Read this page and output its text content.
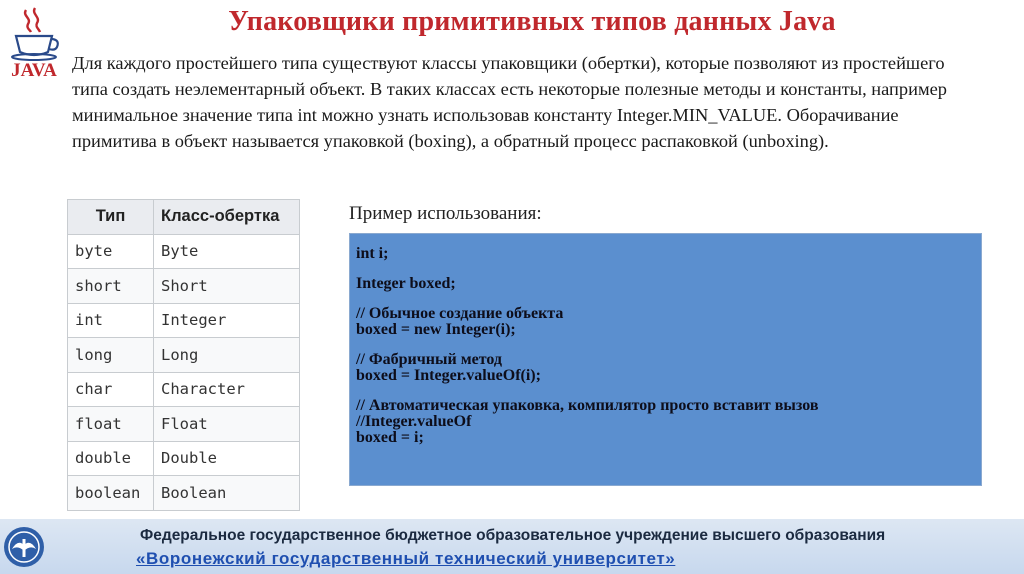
JAVA
Упаковщики примитивных типов данных Java

Для каждого простейшего типа существуют классы упаковщики (обертки), которые позволяют из простейшего типа создать неэлементарный объект. В таких классах есть некоторые полезные методы и константы, например минимальное значение типа int можно узнать использовав константу Integer.MIN_VALUE. Оборачивание примитива в объект называется упаковкой (boxing), а обратный процесс распаковкой (unboxing).

Тип	Класс-обертка
byte	Byte
short	Short
int	Integer
long	Long
char	Character
float	Float
double	Double
boolean	Boolean
Пример использования:
int i;
Integer boxed;
// Обычное создание объекта
boxed = new Integer(i);
// Фабричный метод
boxed = Integer.valueOf(i);
// Автоматическая упаковка, компилятор просто вставит вызов
//Integer.valueOf
boxed = i;
Федеральное государственное бюджетное образовательное учреждение высшего образования
«Воронежский государственный технический университет»
